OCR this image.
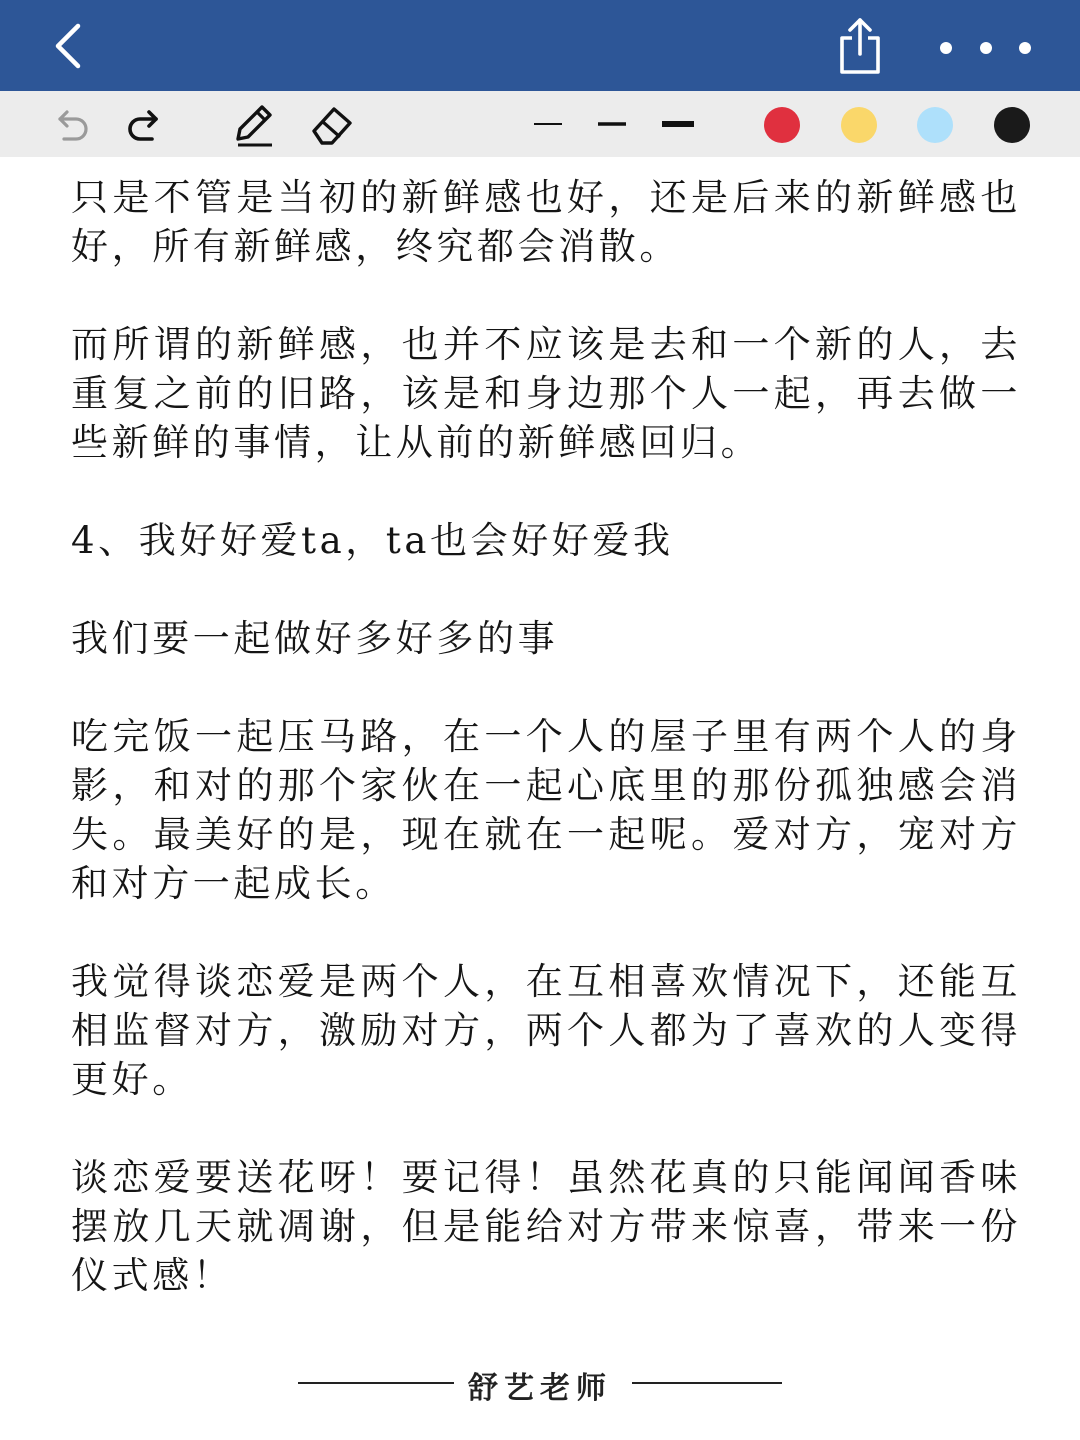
只是不管是当初的新鲜感也好，还是后来的新鲜感也好，所有新鲜感，终究都会消散。

而所谓的新鲜感，也并不应该是去和一个新的人，去重复之前的旧路，该是和身边那个人一起，再去做一些新鲜的事情，让从前的新鲜感回归。

4、我好好爱ta，ta也会好好爱我

我们要一起做好多好多的事

吃完饭一起压马路，在一个人的屋子里有两个人的身影，和对的那个家伙在一起心底里的那份孤独感会消失。最美好的是，现在就在一起呢。爱对方，宠对方和对方一起成长。

我觉得谈恋爱是两个人，在互相喜欢情况下，还能互相监督对方，激励对方，两个人都为了喜欢的人变得更好。

谈恋爱要送花呀！要记得！虽然花真的只能闻闻香味摆放几天就凋谢，但是能给对方带来惊喜，带来一份仪式感！

舒艺老师
